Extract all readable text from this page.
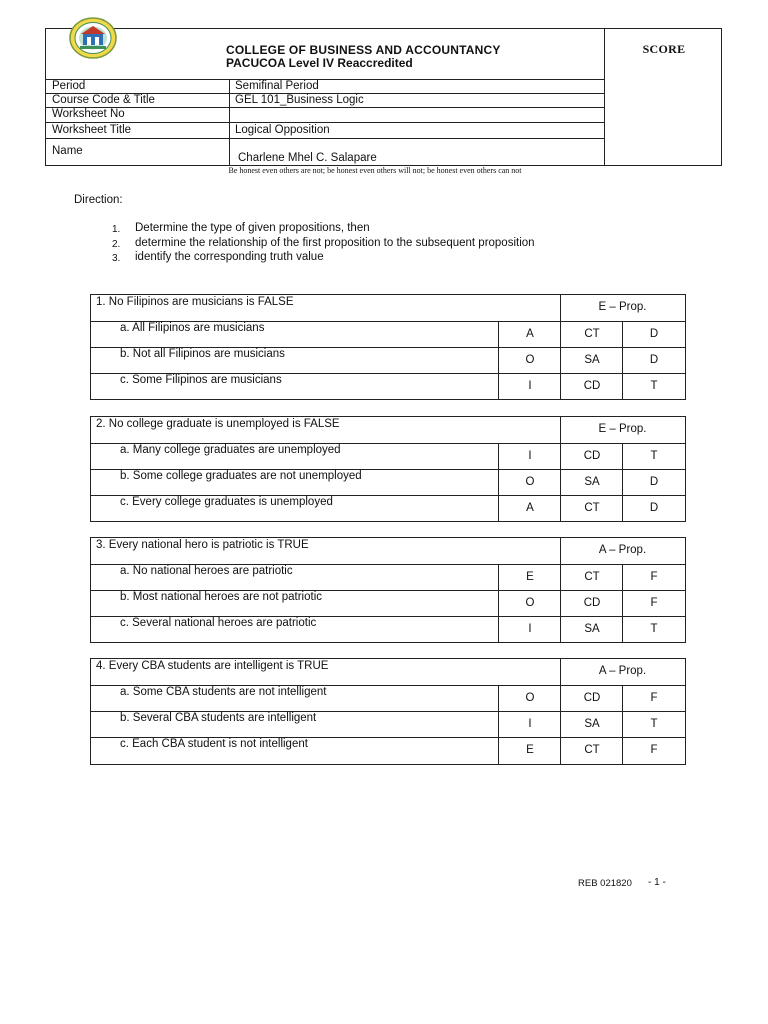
SCORE
COLLEGE OF BUSINESS AND ACCOUNTANCY
PACUCOA Level IV Reaccredited
Period	Semifinal Period
Course Code & Title	GEL 101_Business Logic
Worksheet No
Worksheet Title	Logical Opposition
Name
Charlene Mhel C. Salapare
Be honest even others are not; be honest even others will not; be honest even others can not
Direction:
1. Determine the type of given propositions, then
2. determine the relationship of the first proposition to the subsequent proposition
3. identify the corresponding truth value
1. No Filipinos are musicians is FALSE	E – Prop.
a. All Filipinos are musicians	A	CT	D
b. Not all Filipinos are musicians	O	SA	D
c. Some Filipinos are musicians	I	CD	T
2. No college graduate is unemployed is FALSE	E – Prop.
a. Many college graduates are unemployed	I	CD	T
b. Some college graduates are not unemployed	O	SA	D
c. Every college graduates is unemployed	A	CT	D
3. Every national hero is patriotic is TRUE	A – Prop.
a. No national heroes are patriotic	E	CT	F
b. Most national heroes are not patriotic	O	CD	F
c. Several national heroes are patriotic	I	SA	T
4. Every CBA students are intelligent is TRUE	A – Prop.
a. Some CBA students are not intelligent	O	CD	F
b. Several CBA students are intelligent	I	SA	T
c. Each CBA student is not intelligent	E	CT	F
REB 021820 - 1 -
